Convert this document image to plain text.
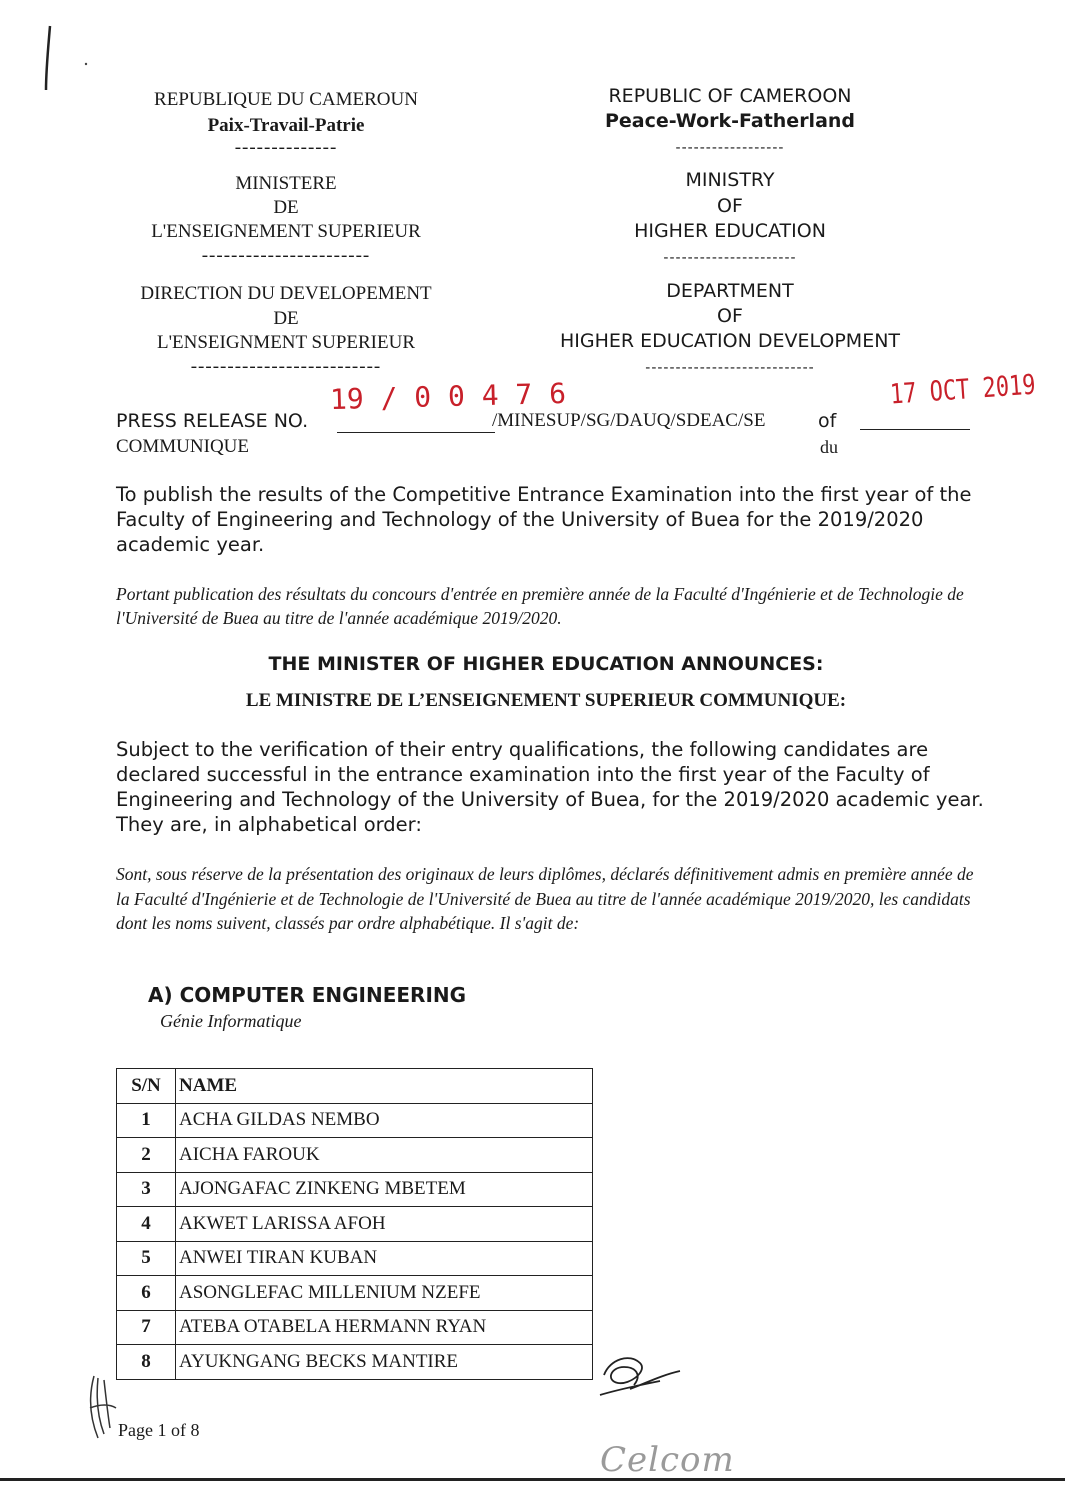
REPUBLIQUE DU CAMEROUN
Paix-Travail-Patrie
--------------
MINISTERE
DE
L'ENSEIGNEMENT SUPERIEUR
-----------------------
DIRECTION DU DEVELOPEMENT
DE
L'ENSEIGNMENT SUPERIEUR
--------------------------
REPUBLIC OF CAMEROON
Peace-Work-Fatherland
------------------
MINISTRY
OF
HIGHER EDUCATION
----------------------
DEPARTMENT
OF
HIGHER EDUCATION DEVELOPMENT
----------------------------
PRESS RELEASE NO.
COMMUNIQUE
19 / 0 0 4 7 6
/MINESUP/SG/DAUQ/SDEAC/SE	of
du
17 OCT 2019
To publish the results of the Competitive Entrance Examination into the first year of the Faculty of Engineering and Technology of the University of Buea for the 2019/2020 academic year.
Portant publication des résultats du concours d'entrée en première année de la Faculté d'Ingénierie et de Technologie de l'Université de Buea au titre de l'année académique 2019/2020.
THE MINISTER OF HIGHER EDUCATION ANNOUNCES:
LE MINISTRE DE L’ENSEIGNEMENT SUPERIEUR COMMUNIQUE:
Subject to the verification of their entry qualifications, the following candidates are declared successful in the entrance examination into the first year of the Faculty of Engineering and Technology of the University of Buea, for the 2019/2020 academic year. They are, in alphabetical order:
Sont, sous réserve de la présentation des originaux de leurs diplômes, déclarés définitivement admis en première année de la Faculté d'Ingénierie et de Technologie de l'Université de Buea au titre de l'année académique 2019/2020, les candidats dont les noms suivent, classés par ordre alphabétique. Il s'agit de:
A) COMPUTER ENGINEERING
Génie Informatique
S/N	NAME
1	ACHA GILDAS NEMBO
2	AICHA FAROUK
3	AJONGAFAC ZINKENG MBETEM
4	AKWET LARISSA AFOH
5	ANWEI TIRAN KUBAN
6	ASONGLEFAC MILLENIUM NZEFE
7	ATEBA OTABELA HERMANN RYAN
8	AYUKNGANG BECKS MANTIRE
Page 1 of 8
Celcom
